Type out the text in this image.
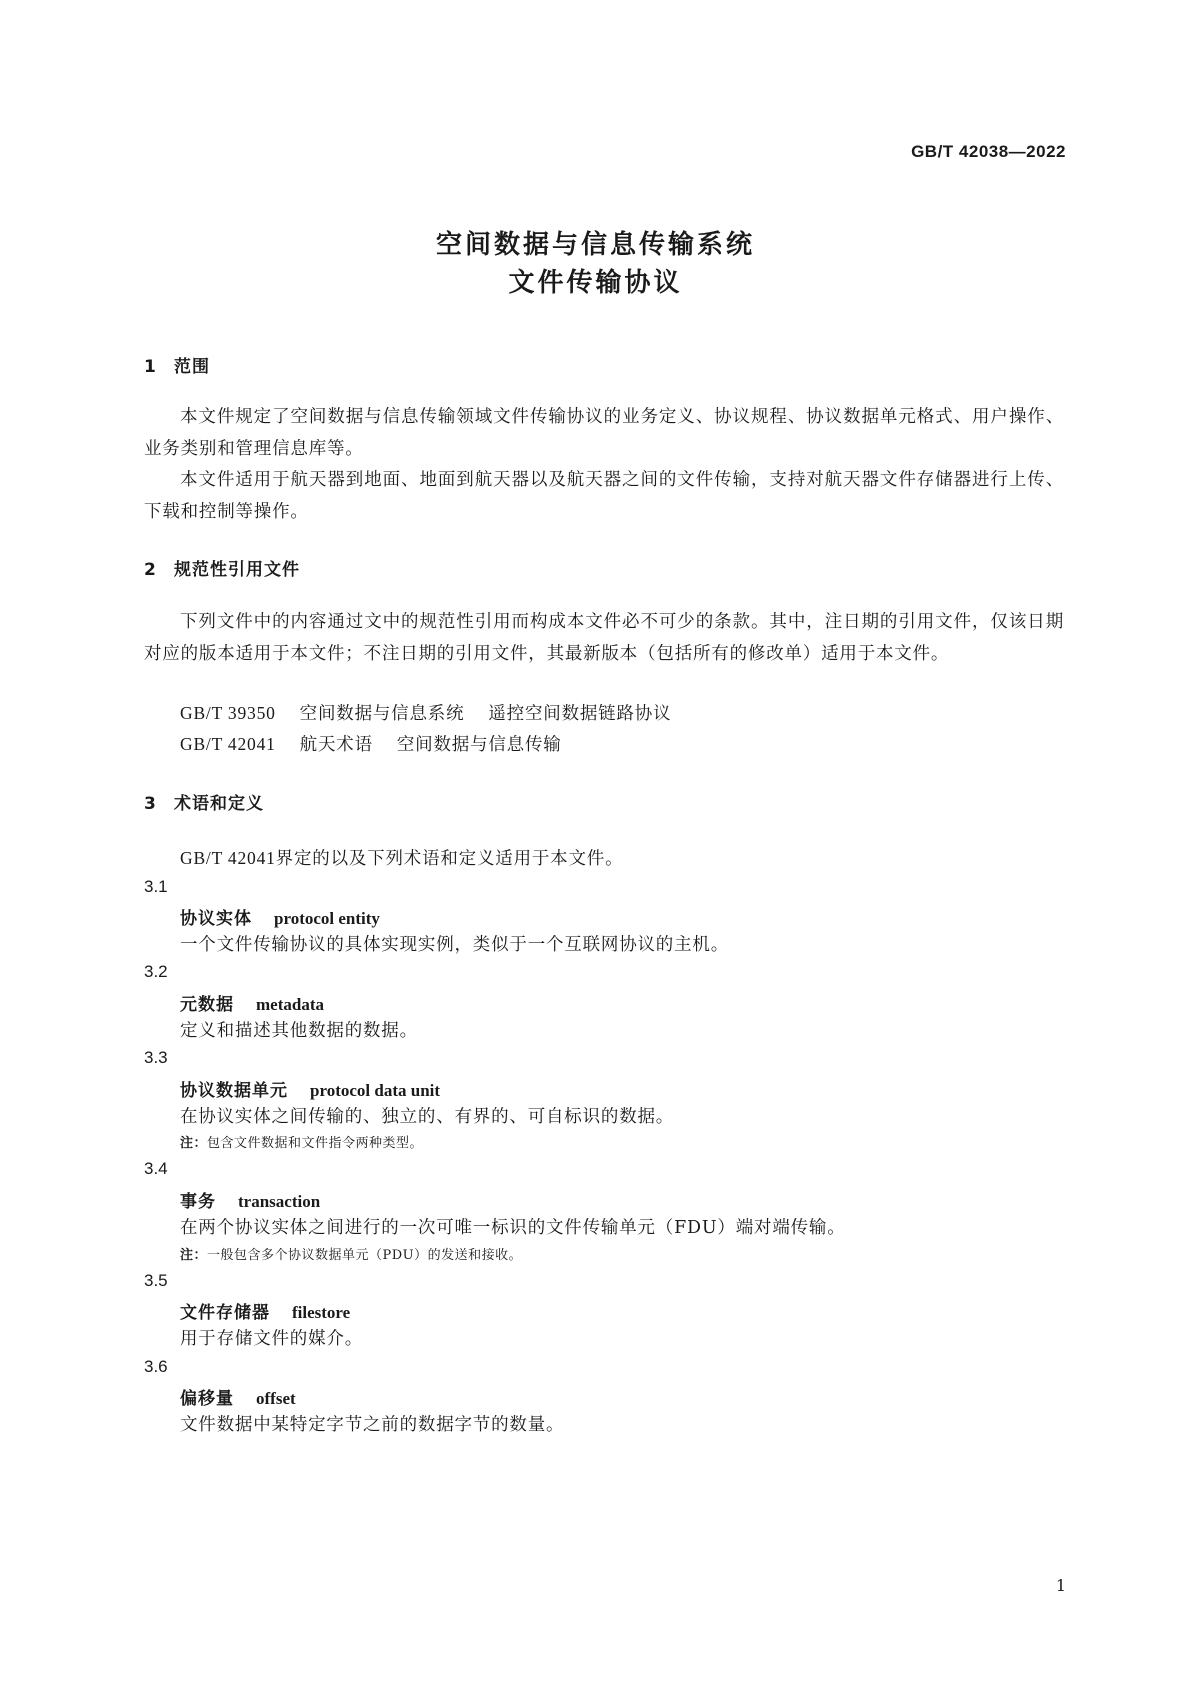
GB/T 42038—2022
空间数据与信息传输系统
文件传输协议
1 范围

本文件规定了空间数据与信息传输领域文件传输协议的业务定义、协议规程、协议数据单元格式、用户操作、业务类别和管理信息库等。

本文件适用于航天器到地面、地面到航天器以及航天器之间的文件传输，支持对航天器文件存储器进行上传、下载和控制等操作。

2 规范性引用文件

下列文件中的内容通过文中的规范性引用而构成本文件必不可少的条款。其中，注日期的引用文件，仅该日期对应的版本适用于本文件；不注日期的引用文件，其最新版本（包括所有的修改单）适用于本文件。

GB/T 39350 空间数据与信息系统 遥控空间数据链路协议
GB/T 42041 航天术语 空间数据与信息传输
3 术语和定义
GB/T 42041界定的以及下列术语和定义适用于本文件。
3.1
协议实体 protocol entity
一个文件传输协议的具体实现实例，类似于一个互联网协议的主机。
3.2
元数据 metadata
定义和描述其他数据的数据。
3.3
协议数据单元 protocol data unit
在协议实体之间传输的、独立的、有界的、可自标识的数据。
注：包含文件数据和文件指令两种类型。
3.4
事务 transaction
在两个协议实体之间进行的一次可唯一标识的文件传输单元（FDU）端对端传输。
注：一般包含多个协议数据单元（PDU）的发送和接收。
3.5
文件存储器 filestore
用于存储文件的媒介。
3.6
偏移量 offset
文件数据中某特定字节之前的数据字节的数量。
1
